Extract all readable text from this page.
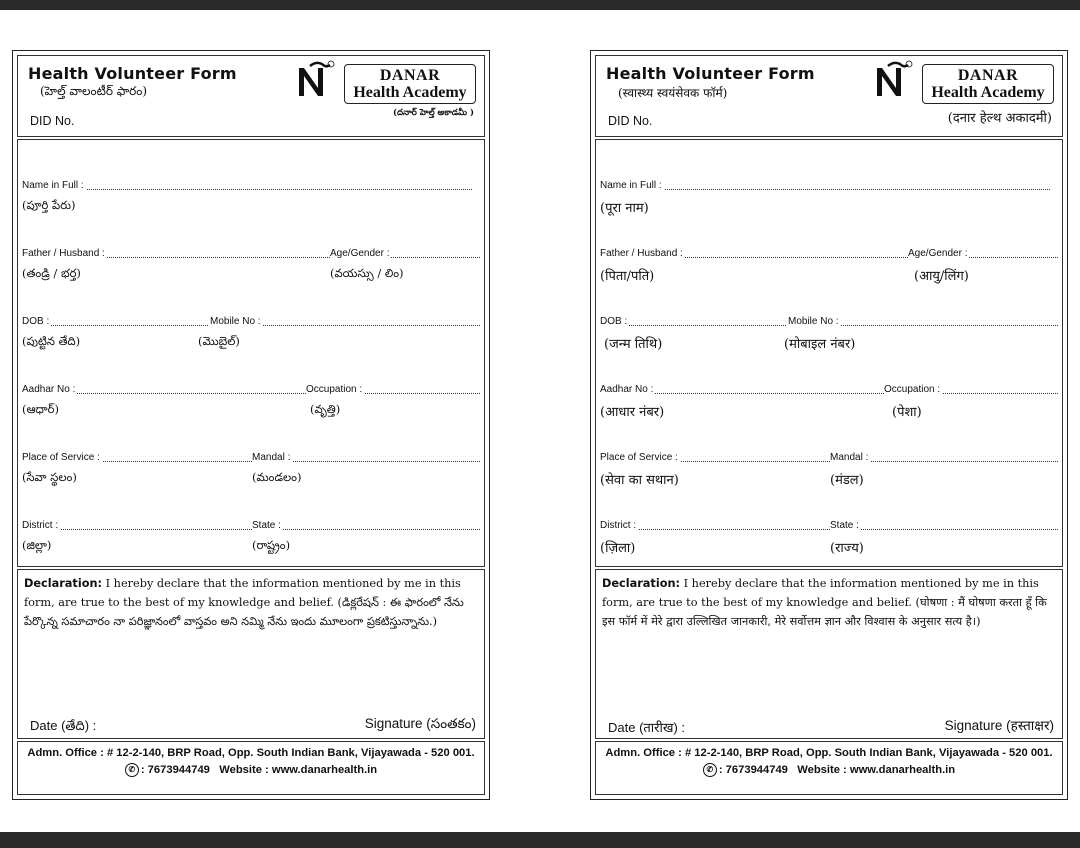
Health Volunteer Form
(హెల్త్ వాలంటీర్ ఫారం)
DID No.
DANAR
Health Academy
(దనార్ హెల్త్ అకాడమీ )
Name in Full :
(పూర్తి పేరు)
Father / Husband :
(తండ్రి / భర్త)
Age/Gender :
(వయస్సు / లిం)
DOB :
(పుట్టిన తేది)
Mobile No :
(మొబైల్)
Aadhar No :
(ఆధార్)
Occupation :
(వృత్తి)
Place of Service :
(సేవా స్థలం)
Mandal :
(మండలం)
District :
(జిల్లా)
State :
(రాష్ట్రం)
Declaration: I hereby declare that the information mentioned by me in this form, are true to the best of my knowledge and belief. (డిక్లరేషన్ : ఈ ఫారంలో నేను పేర్కొన్న సమాచారం నా పరిజ్ఞానంలో వాస్తవం అని నమ్మి నేను ఇందు మూలంగా ప్రకటిస్తున్నాను.)
Date (తేది) :	Signature (సంతకం)
Admn. Office : # 12-2-140, BRP Road, Opp. South Indian Bank, Vijayawada - 520 001.
✆ : 7673944749 Website : www.danarhealth.in
Health Volunteer Form
(स्वास्थ्य स्वयंसेवक फॉर्म)
DID No.
DANAR
Health Academy
(दनार हेल्थ अकादमी)
Name in Full :
(पूरा नाम)
Father / Husband :
(पिता/पति)
Age/Gender :
(आयु/लिंग)
DOB :
(जन्म तिथि)
Mobile No :
(मोबाइल नंबर)
Aadhar No :
(आधार नंबर)
Occupation :
(पेशा)
Place of Service :
(सेवा का सथान)
Mandal :
(मंडल)
District :
(ज़िला)
State :
(राज्य)
Declaration: I hereby declare that the information mentioned by me in this form, are true to the best of my knowledge and belief. (घोषणा : मैं घोषणा करता हूँ कि इस फॉर्म में मेरे द्वारा उल्लिखित जानकारी, मेरे सर्वोत्तम ज्ञान और विश्वास के अनुसार सत्य है।)
Date (तारीख) :	Signature (हस्ताक्षर)
Admn. Office : # 12-2-140, BRP Road, Opp. South Indian Bank, Vijayawada - 520 001.
✆ : 7673944749 Website : www.danarhealth.in
